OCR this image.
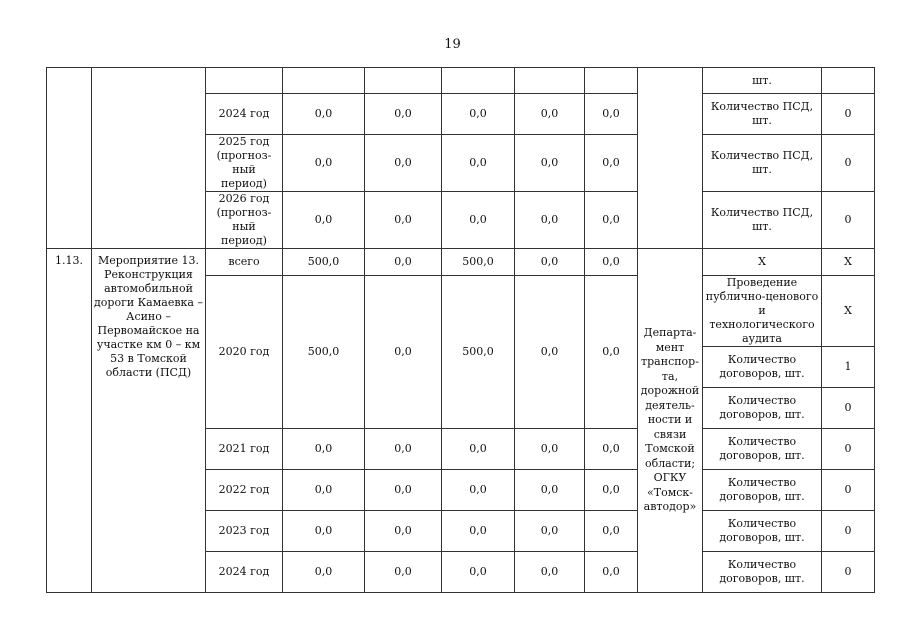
19
									шт.	
		2024 год	0,0	0,0	0,0	0,0	0,0		Количество ПСД, шт.	0
		2025 год (прогноз-ный период)	0,0	0,0	0,0	0,0	0,0		Количество ПСД, шт.	0
		2026 год (прогноз-ный период)	0,0	0,0	0,0	0,0	0,0		Количество ПСД, шт.	0
1.13.	Мероприятие 13. Реконструкция автомобильной дороги Камаевка – Асино – Первомайское на участке км 0 – км 53 в Томской области (ПСД)	всего	500,0	0,0	500,0	0,0	0,0	Департа-мент транспор-та, дорожной деятель-ности и связи Томской области; ОГКУ «Томск-автодор»	Х	Х
		2020 год	500,0	0,0	500,0	0,0	0,0		Проведение публично-ценового и технологического аудита	Х
									Количество договоров, шт.	1
									Количество договоров, шт.	0
		2021 год	0,0	0,0	0,0	0,0	0,0		Количество договоров, шт.	0
		2022 год	0,0	0,0	0,0	0,0	0,0		Количество договоров, шт.	0
		2023 год	0,0	0,0	0,0	0,0	0,0		Количество договоров, шт.	0
		2024 год	0,0	0,0	0,0	0,0	0,0		Количество договоров, шт.	0
